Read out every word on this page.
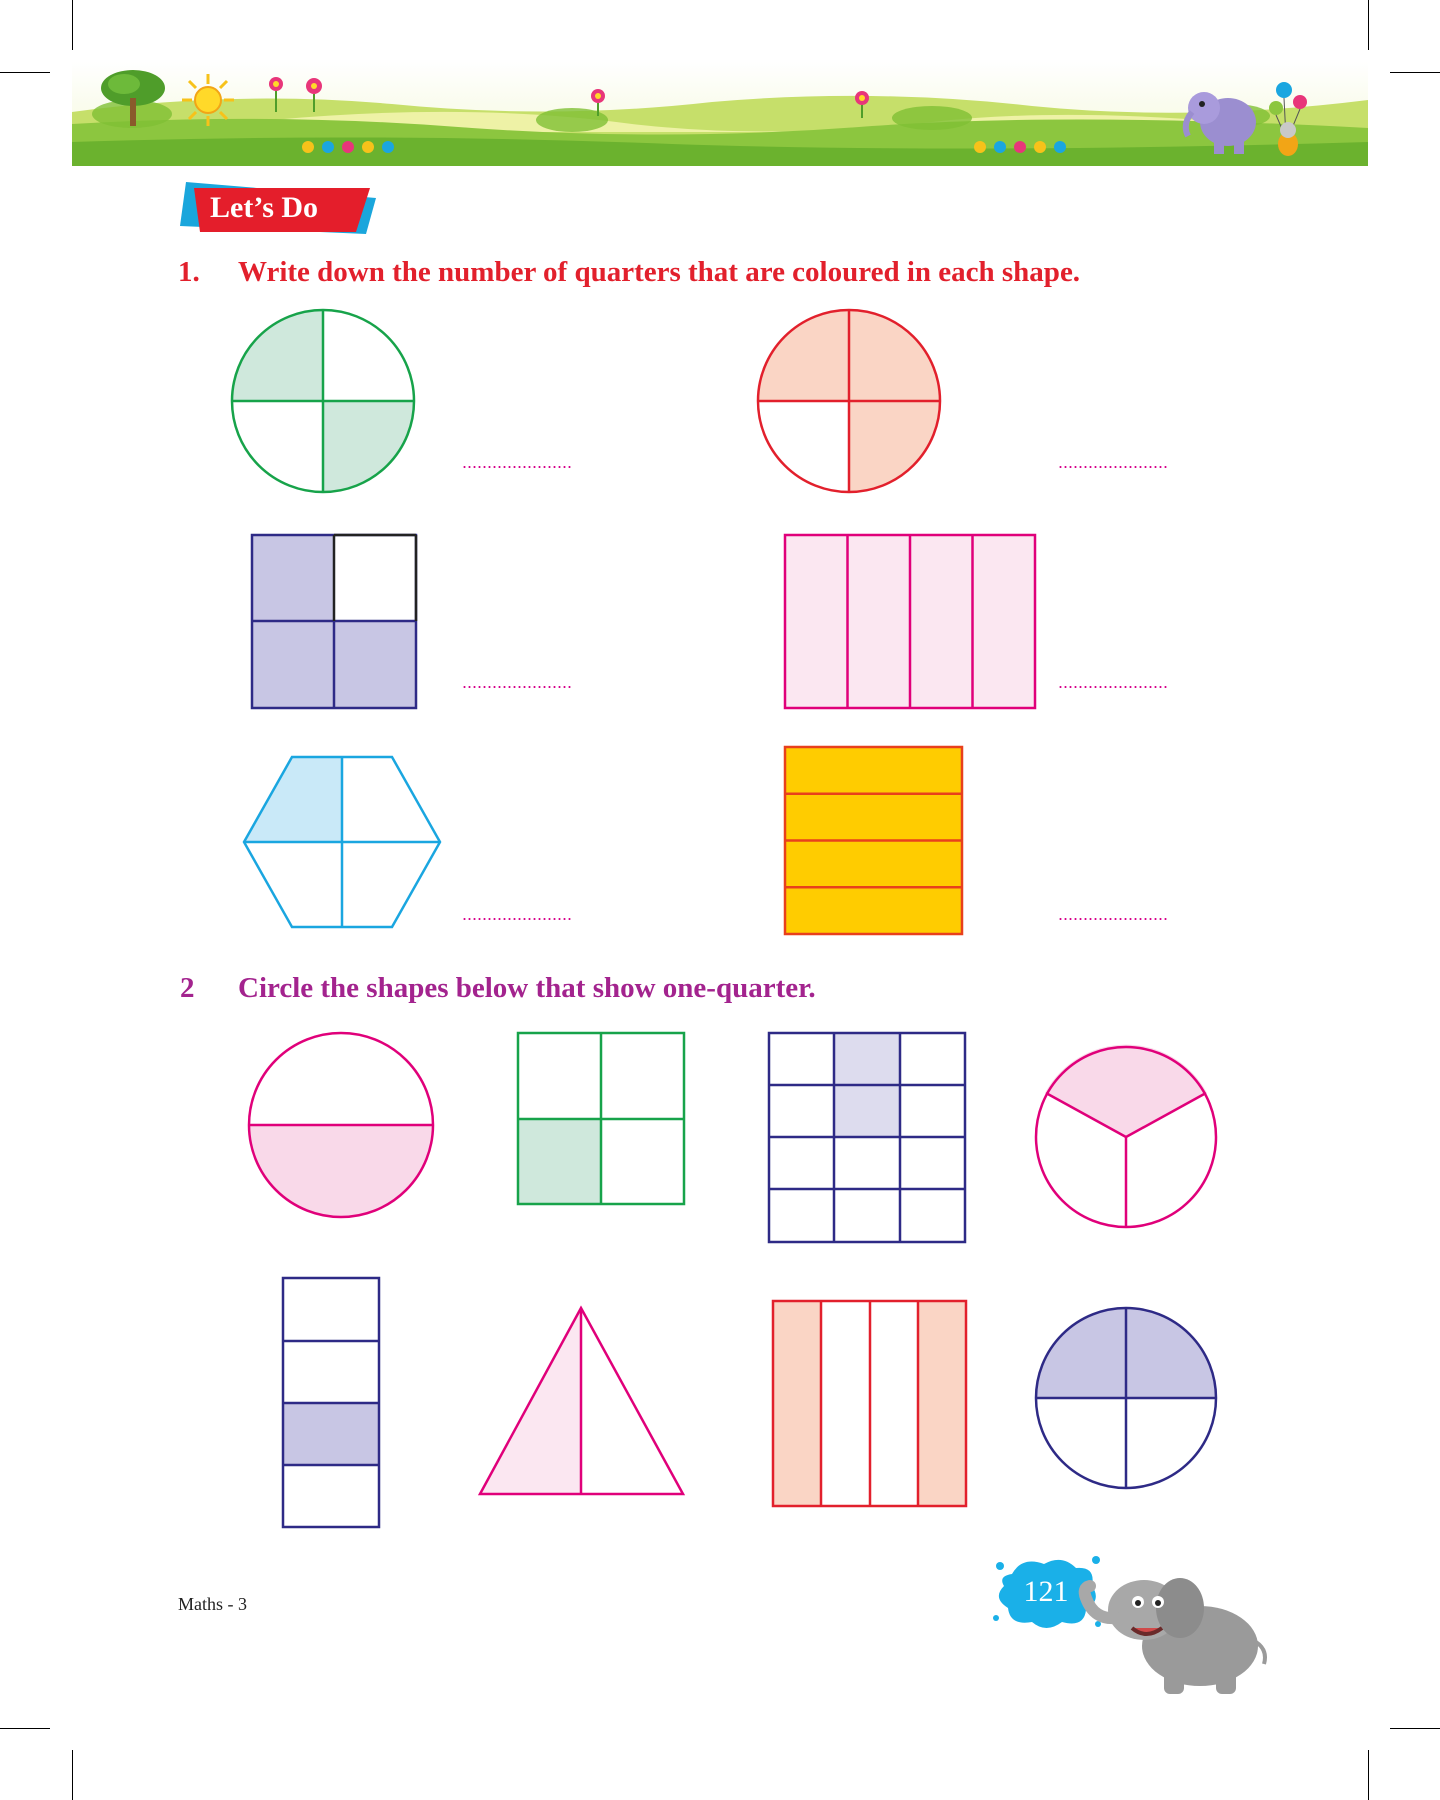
Let’s Do
1. Write down the number of quarters that are coloured in each shape.
......................	......................
......................	......................
......................	......................
2 Circle the shapes below that show one-quarter.
Maths - 3	121
